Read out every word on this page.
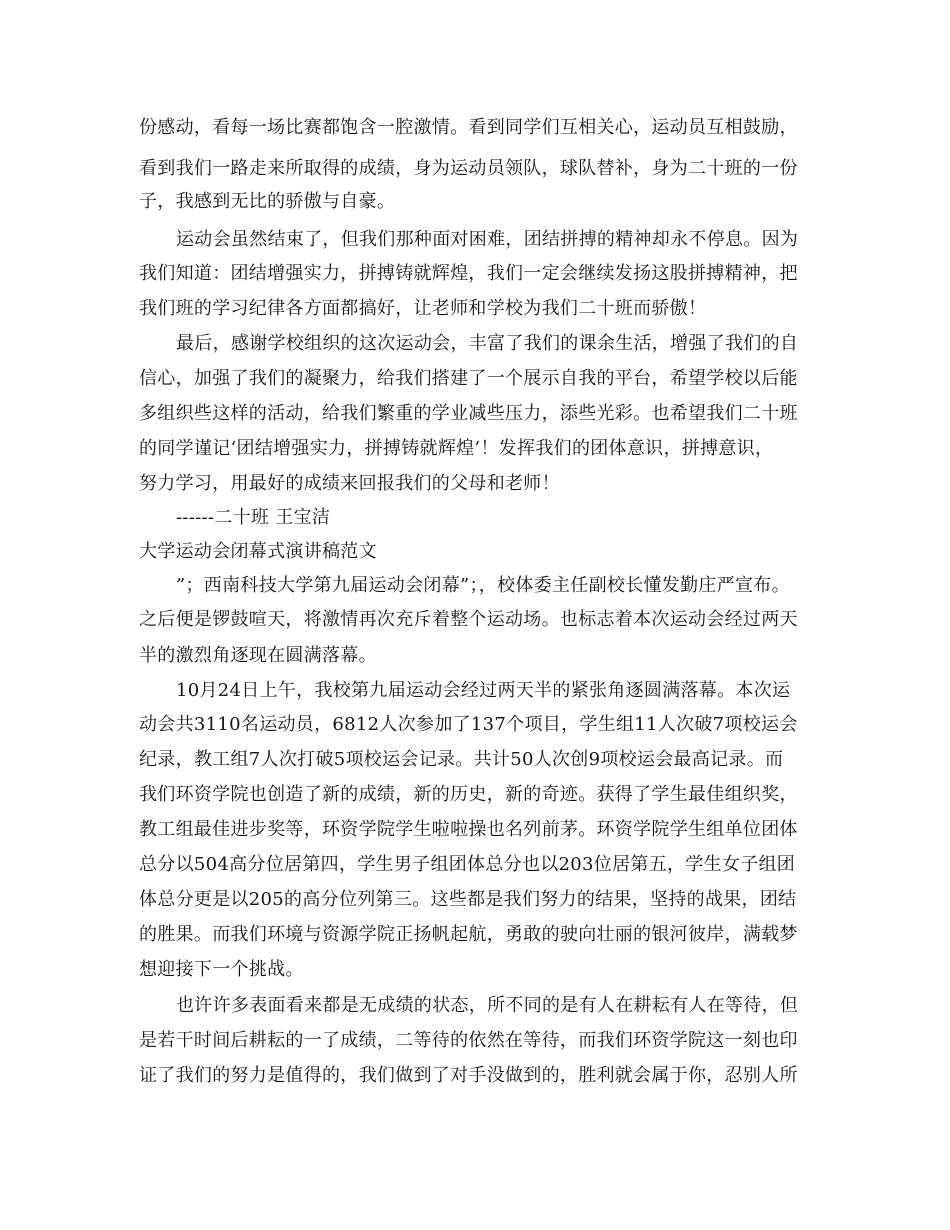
份感动，看每一场比赛都饱含一腔激情。看到同学们互相关心，运动员互相鼓励，
看到我们一路走来所取得的成绩，身为运动员领队，球队替补，身为二十班的一份
子，我感到无比的骄傲与自豪。
运动会虽然结束了，但我们那种面对困难，团结拼搏的精神却永不停息。因为
我们知道：团结增强实力，拼搏铸就辉煌，我们一定会继续发扬这股拼搏精神，把
我们班的学习纪律各方面都搞好，让老师和学校为我们二十班而骄傲！
最后，感谢学校组织的这次运动会，丰富了我们的课余生活，增强了我们的自
信心，加强了我们的凝聚力，给我们搭建了一个展示自我的平台，希望学校以后能
多组织些这样的活动，给我们繁重的学业减些压力，添些光彩。也希望我们二十班
的同学谨记‘团结增强实力，拼搏铸就辉煌’！发挥我们的团体意识，拼搏意识，
努力学习，用最好的成绩来回报我们的父母和老师！
------二十班 王宝洁
大学运动会闭幕式演讲稿范文
”；西南科技大学第九届运动会闭幕”；，校体委主任副校长懂发勤庄严宣布。
之后便是锣鼓喧天，将激情再次充斥着整个运动场。也标志着本次运动会经过两天
半的激烈角逐现在圆满落幕。
10月24日上午，我校第九届运动会经过两天半的紧张角逐圆满落幕。本次运
动会共3110名运动员，6812人次参加了137个项目，学生组11人次破7项校运会
纪录，教工组7人次打破5项校运会记录。共计50人次创9项校运会最高记录。而
我们环资学院也创造了新的成绩，新的历史，新的奇迹。获得了学生最佳组织奖，
教工组最佳进步奖等，环资学院学生啦啦操也名列前茅。环资学院学生组单位团体
总分以504高分位居第四，学生男子组团体总分也以203位居第五，学生女子组团
体总分更是以205的高分位列第三。这些都是我们努力的结果，坚持的战果，团结
的胜果。而我们环境与资源学院正扬帆起航，勇敢的驶向壮丽的银河彼岸，满载梦
想迎接下一个挑战。
也许许多表面看来都是无成绩的状态，所不同的是有人在耕耘有人在等待，但
是若干时间后耕耘的一了成绩，二等待的依然在等待，而我们环资学院这一刻也印
证了我们的努力是值得的，我们做到了对手没做到的，胜利就会属于你，忍别人所
